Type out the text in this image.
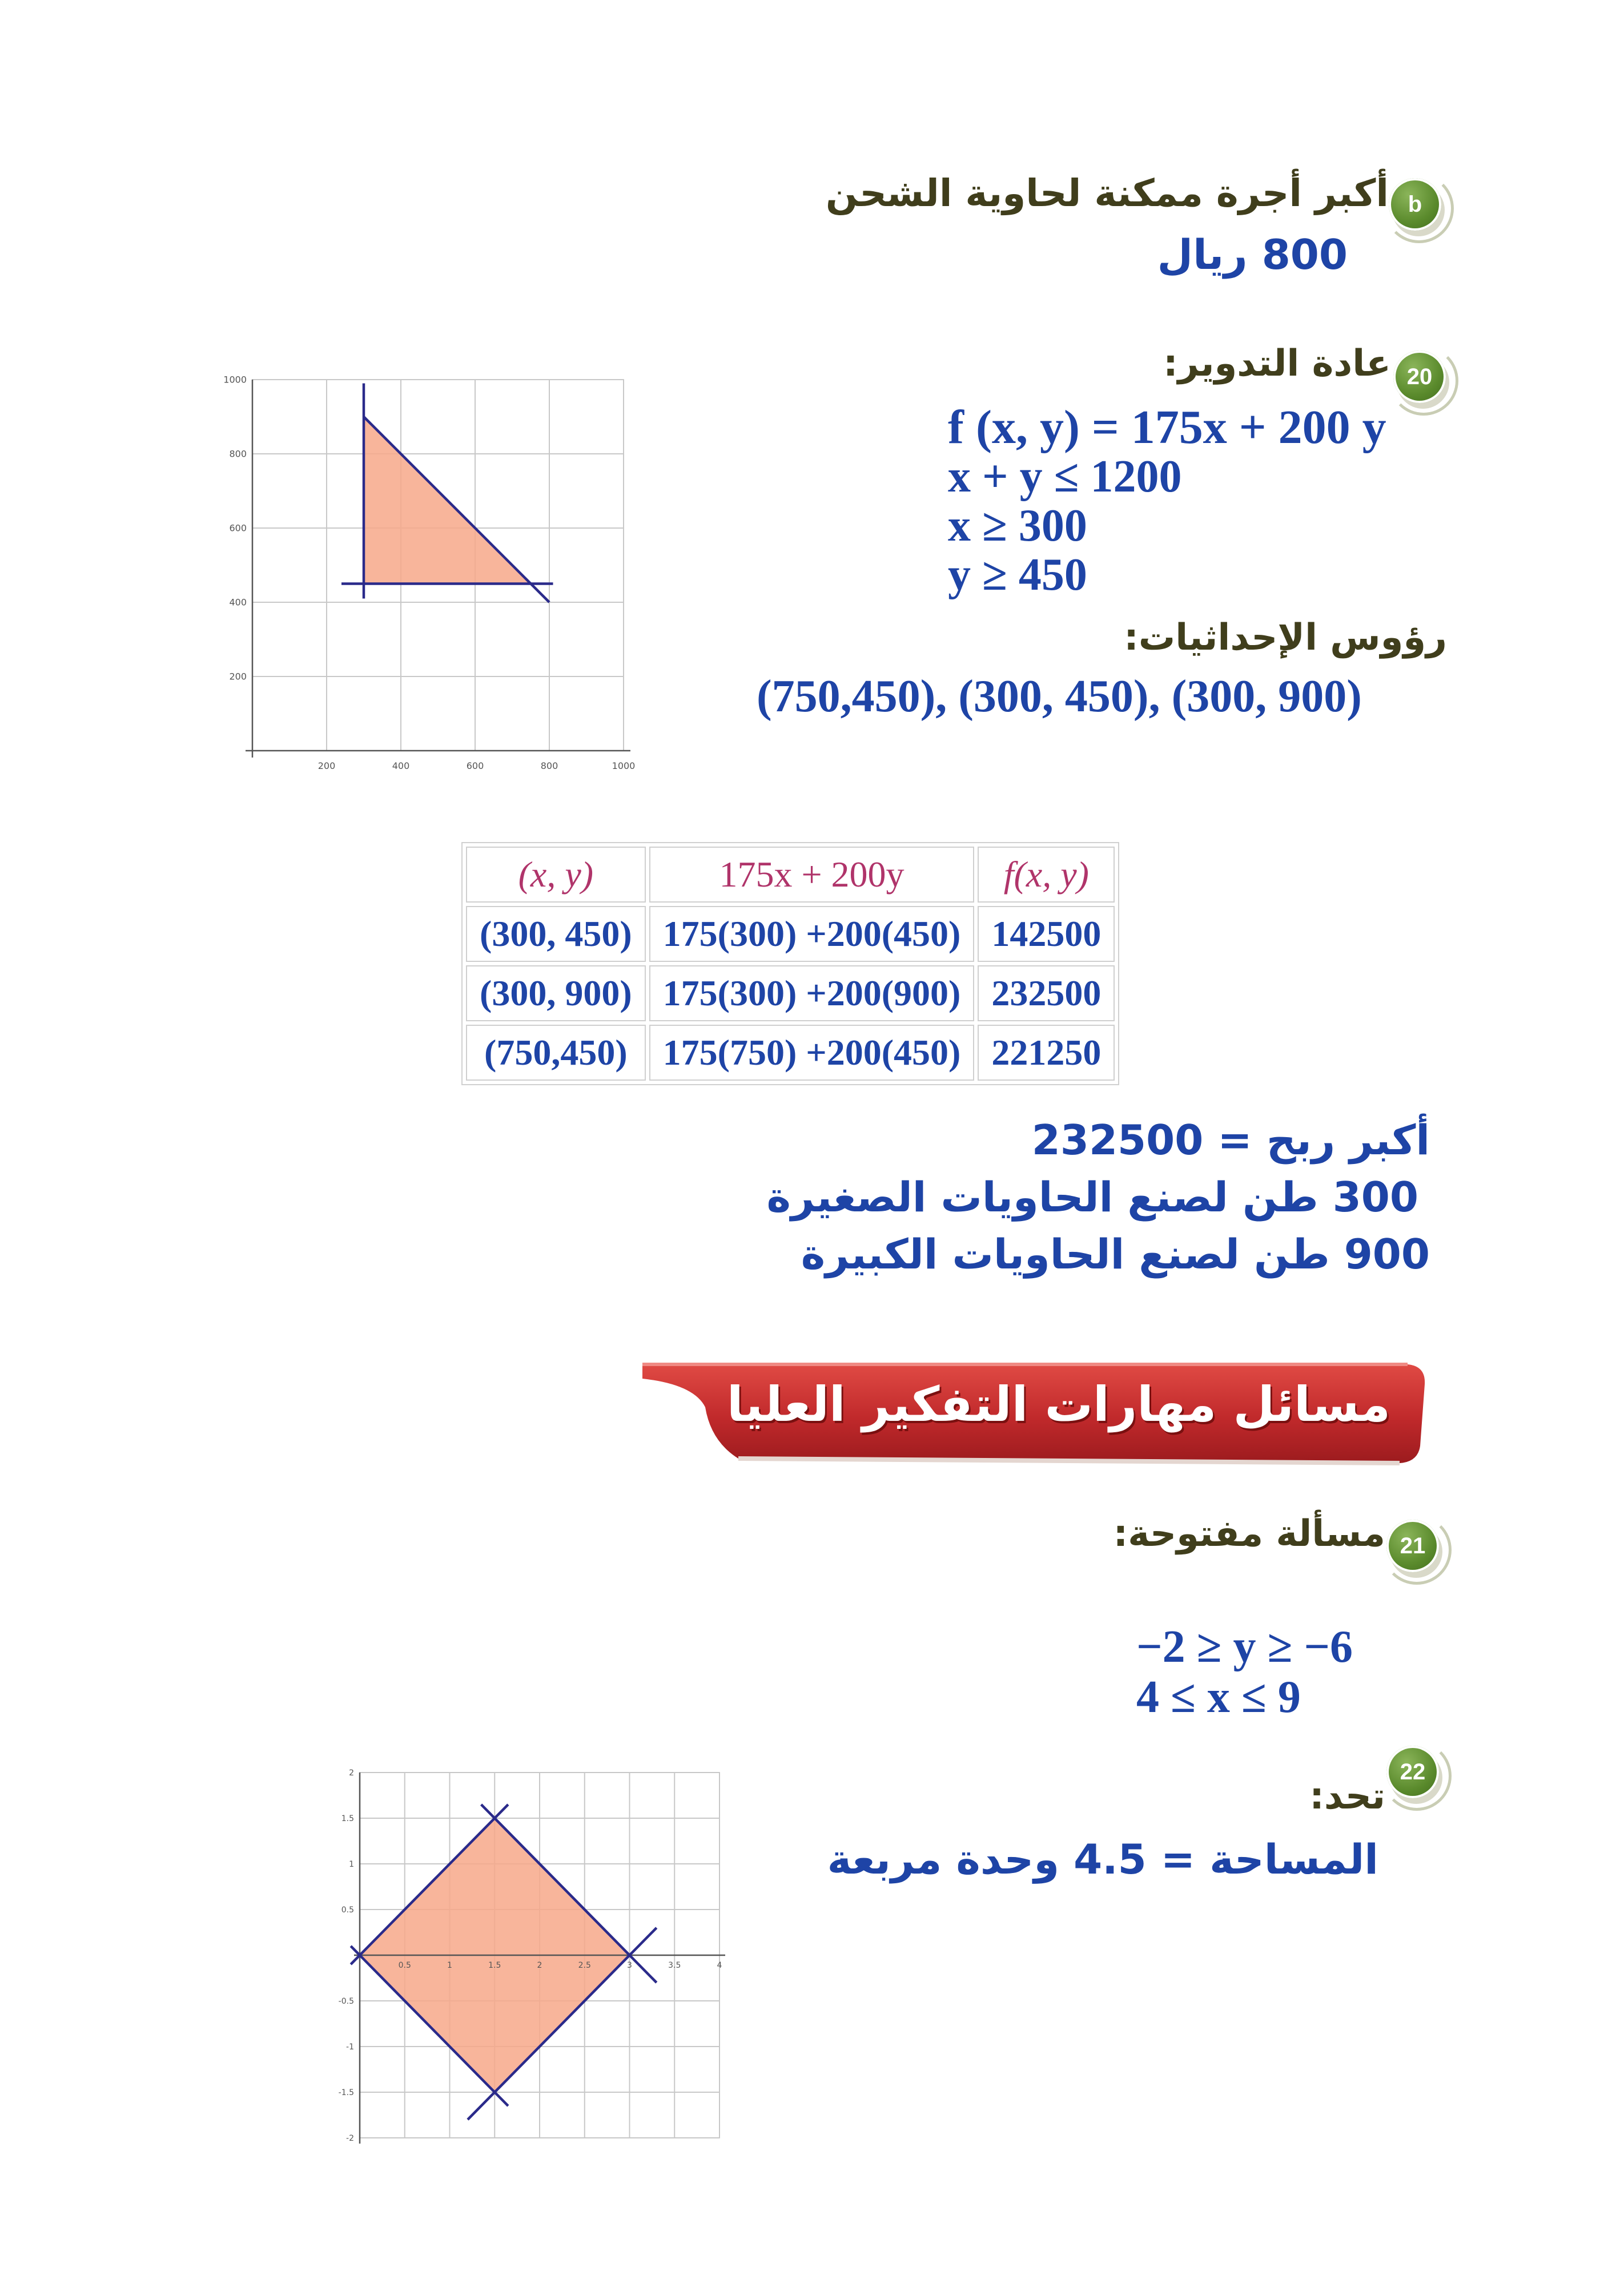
b
أكبر أجرة ممكنة لحاوية الشحن
800 ريال
20
عادة التدوير:
f (x, y) = 175x + 200 y
x + y ≤ 1200
x ≥ 300
y ≥ 450
رؤوس الإحداثيات:
(750,450), (300, 450), (300, 900)
200	400	600	800	1000
200
400
600
800
1000
(x, y)	175x + 200y	f(x, y)
(300, 450)	175(300) +200(450)	142500
(300, 900)	175(300) +200(900)	232500
(750,450)	175(750) +200(450)	221250
أكبر ربح = 232500
300 طن لصنع الحاويات الصغيرة
900 طن لصنع الحاويات الكبيرة
مسائل مهارات التفكير العليا
21
مسألة مفتوحة:
−2 ≥ y ≥ −6
4 ≤ x ≤ 9
22
تحد:
المساحة = 4.5 وحدة مربعة
0.5	1	1.5	2	2.5	3	3.5	4
2
1.5
1
0.5
-0.5
-1
-1.5
-2
